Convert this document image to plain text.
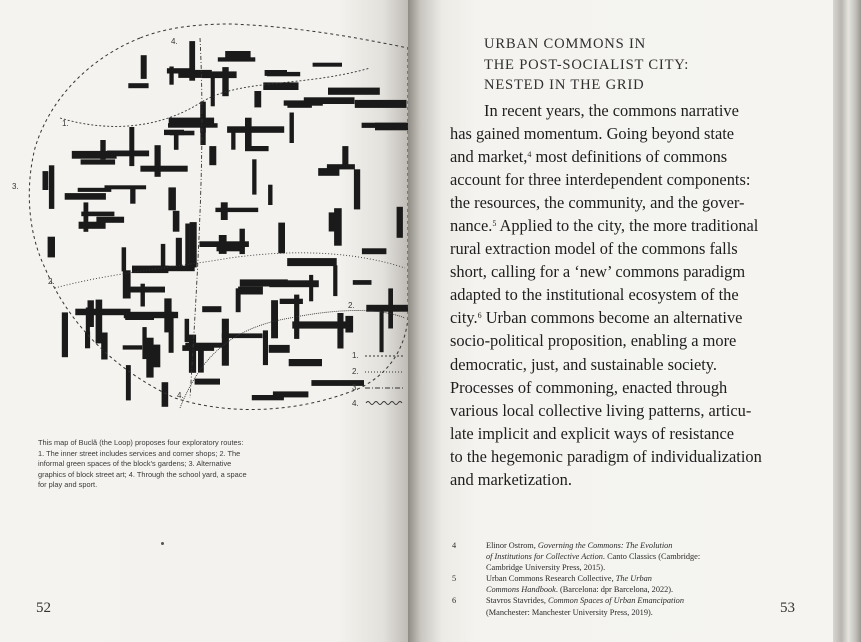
4.
1.
3.
2.
2.
4.
1.
2.
3.
4.

This map of Buclă (the Loop) proposes four exploratory routes:
1. The inner street includes services and corner shops; 2. The
informal green spaces of the block's gardens; 3. Alternative
graphics of block street art; 4. Through the school yard, a space
for play and sport.

52
URBAN COMMONS IN
THE POST-SOCIALIST CITY:
NESTED IN THE GRID

In recent years, the commons narrative
has gained momentum. Going beyond state
and market,$^4$ most definitions of commons
account for three interdependent components:
the resources, the community, and the gover-
nance.$^5$ Applied to the city, the more traditional
rural extraction model of the commons falls
short, calling for a ‘new’ commons paradigm
adapted to the institutional ecosystem of the
city.$^6$ Urban commons become an alternative
socio-political proposition, enabling a more
democratic, just, and sustainable society.
Processes of commoning, enacted through
various local collective living patterns, articu-
late implicit and explicit ways of resistance
to the hegemonic paradigm of individualization
and marketization.

4	Elinor Ostrom, Governing the Commons: The Evolution
of Institutions for Collective Action. Canto Classics (Cambridge:
Cambridge University Press, 2015).
5	Urban Commons Research Collective, The Urban
Commons Handbook. (Barcelona: dpr Barcelona, 2022).
6	Stavros Stavrides, Common Spaces of Urban Emancipation
(Manchester: Manchester University Press, 2019).	53
